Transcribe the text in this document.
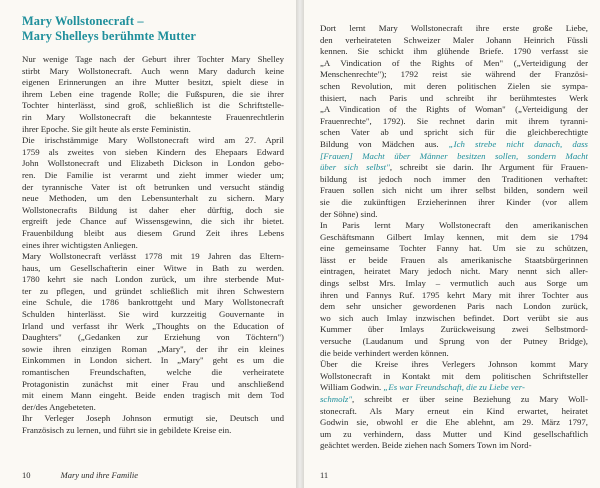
Mary Wollstonecraft –
Mary Shelleys berühmte Mutter

Nur wenige Tage nach der Geburt ihrer Tochter Mary Shelley
stirbt Mary Wollstonecraft. Auch wenn Mary dadurch keine
eigenen Erinnerungen an ihre Mutter besitzt, spielt diese in
ihrem Leben eine tragende Rolle; die Fußspuren, die sie ihrer
Tochter hinterlässt, sind groß, schließlich ist die Schriftstelle-
rin Mary Wollstonecraft die bekannteste Frauenrechtlerin
ihrer Epoche. Sie gilt heute als erste Feministin.

Die irischstämmige Mary Wollstonecraft wird am 27. April
1759 als zweites von sieben Kindern des Ehepaars Edward
John Wollstonecraft und Elizabeth Dickson in London gebo-
ren. Die Familie ist verarmt und zieht immer wieder um;
der tyrannische Vater ist oft betrunken und versucht ständig
neue Methoden, um den Lebensunterhalt zu sichern. Mary
Wollstonecrafts Bildung ist daher eher dürftig, doch sie
ergreift jede Chance auf Wissensgewinn, die sich ihr bietet.
Frauenbildung bleibt aus diesem Grund Zeit ihres Lebens
eines ihrer wichtigsten Anliegen.

Mary Wollstonecraft verlässt 1778 mit 19 Jahren das Eltern-
haus, um Gesellschafterin einer Witwe in Bath zu werden.
1780 kehrt sie nach London zurück, um ihre sterbende Mut-
ter zu pflegen, und gründet schließlich mit ihren Schwestern
eine Schule, die 1786 bankrottgeht und Mary Wollstonecraft
Schulden hinterlässt. Sie wird kurzzeitig Gouvernante in
Irland und verfasst ihr Werk „Thoughts on the Education of
Daughters" („Gedanken zur Erziehung von Töchtern")
sowie ihren einzigen Roman „Mary", der ihr ein kleines
Einkommen in London sichert. In „Mary" geht es um die
romantischen Freundschaften, welche die verheiratete
Protagonistin zunächst mit einer Frau und anschließend
mit einem Mann eingeht. Beide enden tragisch mit dem Tod
der/des Angebeteten.

Ihr Verleger Joseph Johnson ermutigt sie, Deutsch und
Französisch zu lernen, und führt sie in gebildete Kreise ein.

10	Mary und ihre Familie
Dort lernt Mary Wollstonecraft ihre erste große Liebe,
den verheirateten Schweizer Maler Johann Heinrich Füssli
kennen. Sie schickt ihm glühende Briefe. 1790 verfasst sie
„A Vindication of the Rights of Men" („Verteidigung der
Menschenrechte"); 1792 reist sie während der Französi-
schen Revolution, mit deren politischen Zielen sie sympa-
thisiert, nach Paris und schreibt ihr berühmtestes Werk
„A Vindication of the Rights of Woman" („Verteidigung der
Frauenrechte", 1792). Sie rechnet darin mit ihrem tyranni-
schen Vater ab und spricht sich für die gleichberechtigte
Bildung von Mädchen aus. „Ich strebe nicht danach, dass
[Frauen] Macht über Männer besitzen sollen, sondern Macht
über sich selbst", schreibt sie darin. Ihr Argument für Frauen-
bildung ist jedoch noch immer den Traditionen verhaftet:
Frauen sollen sich nicht um ihrer selbst bilden, sondern weil
sie die zukünftigen Erzieherinnen ihrer Kinder (vor allem
der Söhne) sind.
In Paris lernt Mary Wollstonecraft den amerikanischen
Geschäftsmann Gilbert Imlay kennen, mit dem sie 1794
eine gemeinsame Tochter Fanny hat. Um sie zu schützen,
lässt er beide Frauen als amerikanische Staatsbürgerinnen
eintragen, heiratet Mary jedoch nicht. Mary nennt sich aller-
dings selbst Mrs. Imlay – vermutlich auch aus Sorge um
ihren und Fannys Ruf. 1795 kehrt Mary mit ihrer Tochter aus
dem sehr unsicher gewordenen Paris nach London zurück,
wo sich auch Imlay inzwischen befindet. Dort verübt sie aus
Kummer über Imlays Zurückweisung zwei Selbstmord-
versuche (Laudanum und Sprung von der Putney Bridge),
die beide verhindert werden können.
Über die Kreise ihres Verlegers Johnson kommt Mary
Wollstonecraft in Kontakt mit dem politischen Schriftsteller
William Godwin. „Es war Freundschaft, die zu Liebe ver-
schmolz", schreibt er über seine Beziehung zu Mary Woll-
stonecraft. Als Mary erneut ein Kind erwartet, heiratet
Godwin sie, obwohl er die Ehe ablehnt, am 29. März 1797,
um zu verhindern, dass Mutter und Kind gesellschaftlich
geächtet werden. Beide ziehen nach Somers Town im Nord-
11
